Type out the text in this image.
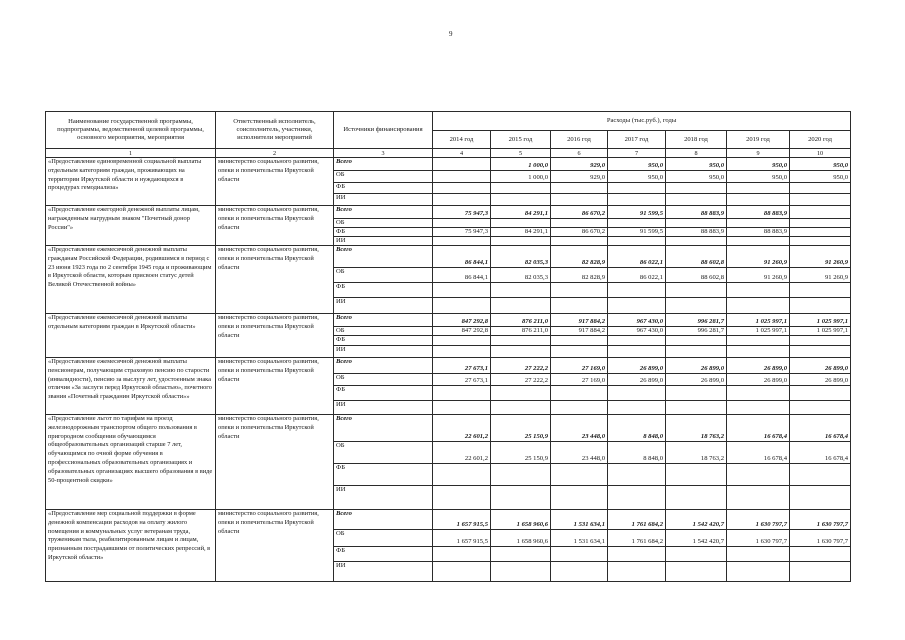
9
Наименование государственной программы, подпрограммы, ведомственной целевой программы, основного мероприятия, мероприятия	Ответственный исполнитель, соисполнитель, участники, исполнители мероприятий	Источники финансирования	Расходы (тыс.руб.), годы						
			2014 год	2015 год	2016 год	2017 год	2018 год	2019 год	2020 год
1	2	3	4	5	6	7	8	9	10
«Предоставление единовременной социальной выплаты отдельным категориям граждан, проживающих на территории Иркутской области и нуждающихся в процедурах гемодиализа»	министерство социального развития, опеки и попечительства Иркутской области	Всего		1 000,0	929,0	950,0	950,0	950,0	950,0
		ОБ		1 000,0	929,0	950,0	950,0	950,0	950,0
		ФБ							
		ИИ							
«Предоставление ежегодной денежной выплаты лицам, награжденным нагрудным знаком "Почетный донор России"»	министерство социального развития, опеки и попечительства Иркутской области	Всего	75 947,3	84 291,1	86 670,2	91 599,5	88 883,9	88 883,9	
		ОБ							
		ФБ	75 947,3	84 291,1	86 670,2	91 599,5	88 883,9	88 883,9	
		ИИ							
«Предоставление ежемесячной денежной выплаты гражданам Российской Федерации, родившимся в период с 23 июня 1923 года по 2 сентября 1945 года и проживающим в Иркутской области, которым присвоен статус детей Великой Отечественной войны»	министерство социального развития, опеки и попечительства Иркутской области	Всего	86 844,1	82 035,3	82 828,9	86 022,1	88 602,8	91 260,9	91 260,9
		ОБ	86 844,1	82 035,3	82 828,9	86 022,1	88 602,8	91 260,9	91 260,9
		ФБ							
		ИИ							
«Предоставление ежемесячной денежной выплаты отдельным категориям граждан в Иркутской области»	министерство социального развития, опеки и попечительства Иркутской области	Всего	847 292,8	876 211,0	917 884,2	967 430,0	996 281,7	1 025 997,1	1 025 997,1
		ОБ	847 292,8	876 211,0	917 884,2	967 430,0	996 281,7	1 025 997,1	1 025 997,1
		ФБ							
		ИИ							
«Предоставление ежемесячной денежной выплаты пенсионерам, получающим страховую пенсию по старости (инвалидности), пенсию за выслугу лет, удостоенным знака отличия «За заслуги перед Иркутской областью», почетного звания «Почетный гражданин Иркутской области»»	министерство социального развития, опеки и попечительства Иркутской области	Всего	27 673,1	27 222,2	27 169,0	26 899,0	26 899,0	26 899,0	26 899,0
		ОБ	27 673,1	27 222,2	27 169,0	26 899,0	26 899,0	26 899,0	26 899,0
		ФБ							
		ИИ							
«Предоставление льгот по тарифам на проезд железнодорожным транспортом общего пользования в пригородном сообщении обучающимся общеобразовательных организаций старше 7 лет, обучающимся по очной форме обучения в профессиональных образовательных организациях и образовательных организациях высшего образования в виде 50-процентной скидки»	министерство социального развития, опеки и попечительства Иркутской области	Всего	22 601,2	25 150,9	23 448,0	8 848,0	18 763,2	16 678,4	16 678,4
		ОБ	22 601,2	25 150,9	23 448,0	8 848,0	18 763,2	16 678,4	16 678,4
		ФБ							
		ИИ							
«Предоставление мер социальной поддержки в форме денежной компенсации расходов на оплату жилого помещения и коммунальных услуг ветеранам труда, труженикам тыла, реабилитированным лицам и лицам, признанным пострадавшими от политических репрессий, в Иркутской области»	министерство социального развития, опеки и попечительства Иркутской области	Всего	1 657 915,5	1 658 960,6	1 531 634,1	1 761 684,2	1 542 420,7	1 630 797,7	1 630 797,7
		ОБ	1 657 915,5	1 658 960,6	1 531 634,1	1 761 684,2	1 542 420,7	1 630 797,7	1 630 797,7
		ФБ							
		ИИ							
